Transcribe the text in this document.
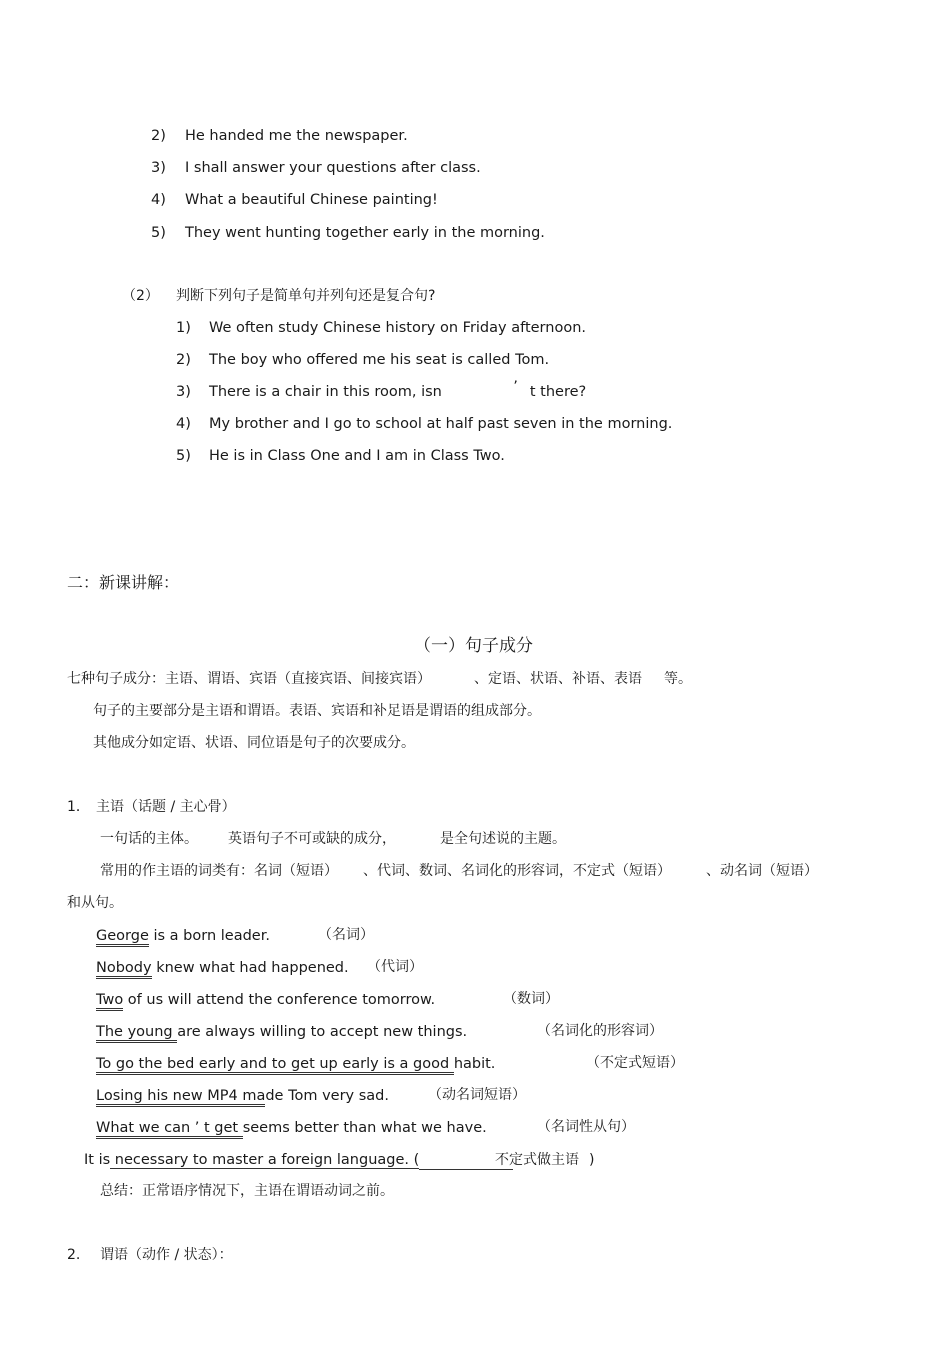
2) He handed me the newspaper.
3) I shall answer your questions after class.
4) What a beautiful Chinese painting!
5) They went hunting together early in the morning.
（2） 判断下列句子是简单句并列句还是复合句?
1) We often study Chinese history on Friday afternoon.
2) The boy who offered me his seat is called Tom.
3) There is a chair in this room, isn	’ t there?
4) My brother and I go to school at half past seven in the morning.
5) He is in Class One and I am in Class Two.
二：新课讲解：
（一）句子成分
七种句子成分：主语、谓语、宾语（直接宾语、间接宾语）	、定语、状语、补语、表语 等。
句子的主要部分是主语和谓语。表语、宾语和补足语是谓语的组成部分。
其他成分如定语、状语、同位语是句子的次要成分。
1． 主语（话题 / 主心骨）
一句话的主体。 英语句子不可或缺的成分，	是全句述说的主题。
常用的作主语的词类有：名词（短语） 、代词、数词、名词化的形容词，不定式（短语）	、动名词（短语）
和从句。
George is a born leader.	（名词）
Nobody knew what had happened. （代词）
Two of us will attend the conference tomorrow.	（数词）
The young are always willing to accept new things.	（名词化的形容词）
To go the bed early and to get up early is a good habit.	（不定式短语）
Losing his new MP4 made Tom very sad.	（动名词短语）
What we can ’ t get seems better than what we have.	（名词性从句）
It is necessary to master a foreign language. (	不定式做主语 )
总结：正常语序情况下，主语在谓语动词之前。
2. 谓语（动作 / 状态）：
